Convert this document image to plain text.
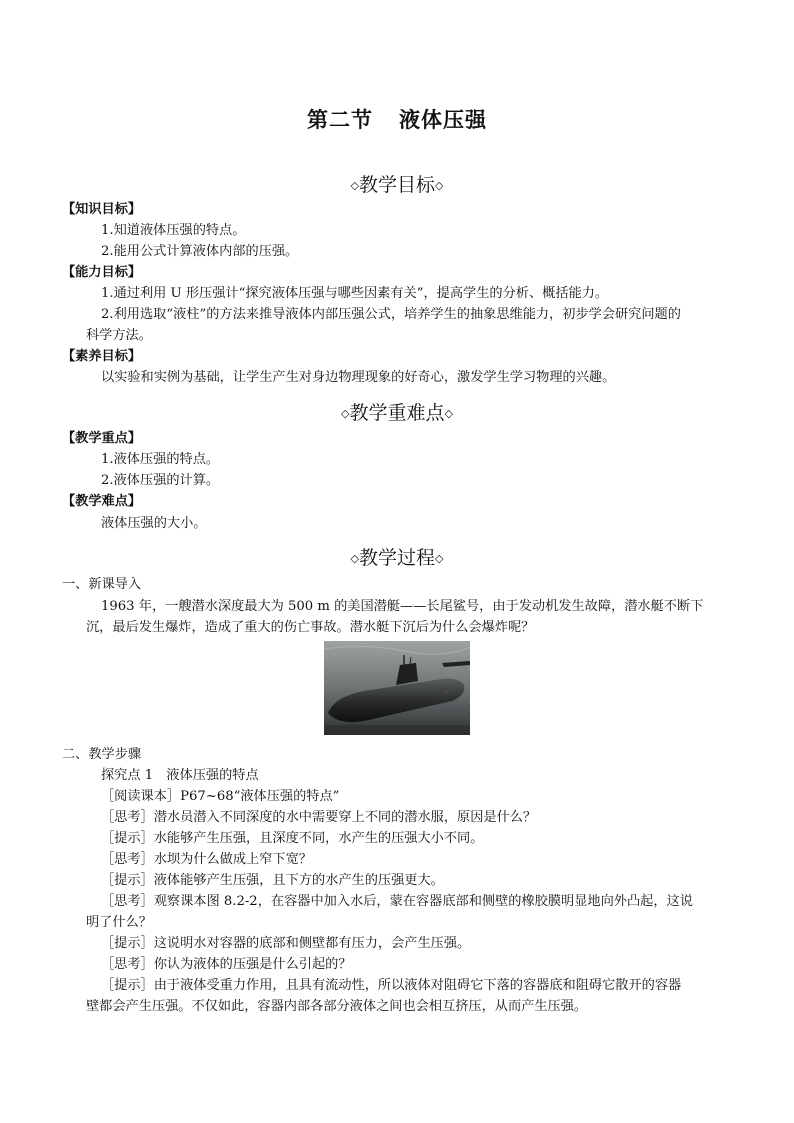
第二节 液体压强
◇教学目标◇
【知识目标】
1.知道液体压强的特点。
2.能用公式计算液体内部的压强。
【能力目标】
1.通过利用 U 形压强计“探究液体压强与哪些因素有关”，提高学生的分析、概括能力。
2.利用选取“液柱”的方法来推导液体内部压强公式，培养学生的抽象思维能力，初步学会研究问题的
科学方法。
【素养目标】
以实验和实例为基础，让学生产生对身边物理现象的好奇心，激发学生学习物理的兴趣。
◇教学重难点◇
【教学重点】
1.液体压强的特点。
2.液体压强的计算。
【教学难点】
液体压强的大小。
◇教学过程◇
一、新课导入
1963 年，一艘潜水深度最大为 500 m 的美国潜艇——长尾鲨号，由于发动机发生故障，潜水艇不断下
沉，最后发生爆炸，造成了重大的伤亡事故。潜水艇下沉后为什么会爆炸呢？
二、教学步骤
探究点 1　液体压强的特点
［阅读课本］P67~68“液体压强的特点”
［思考］潜水员潜入不同深度的水中需要穿上不同的潜水服，原因是什么？
［提示］水能够产生压强，且深度不同，水产生的压强大小不同。
［思考］水坝为什么做成上窄下宽？
［提示］液体能够产生压强，且下方的水产生的压强更大。
［思考］观察课本图 8.2-2，在容器中加入水后，蒙在容器底部和侧壁的橡胶膜明显地向外凸起，这说
明了什么？
［提示］这说明水对容器的底部和侧壁都有压力，会产生压强。
［思考］你认为液体的压强是什么引起的？
［提示］由于液体受重力作用，且具有流动性，所以液体对阻碍它下落的容器底和阻碍它散开的容器
壁都会产生压强。不仅如此，容器内部各部分液体之间也会相互挤压，从而产生压强。
